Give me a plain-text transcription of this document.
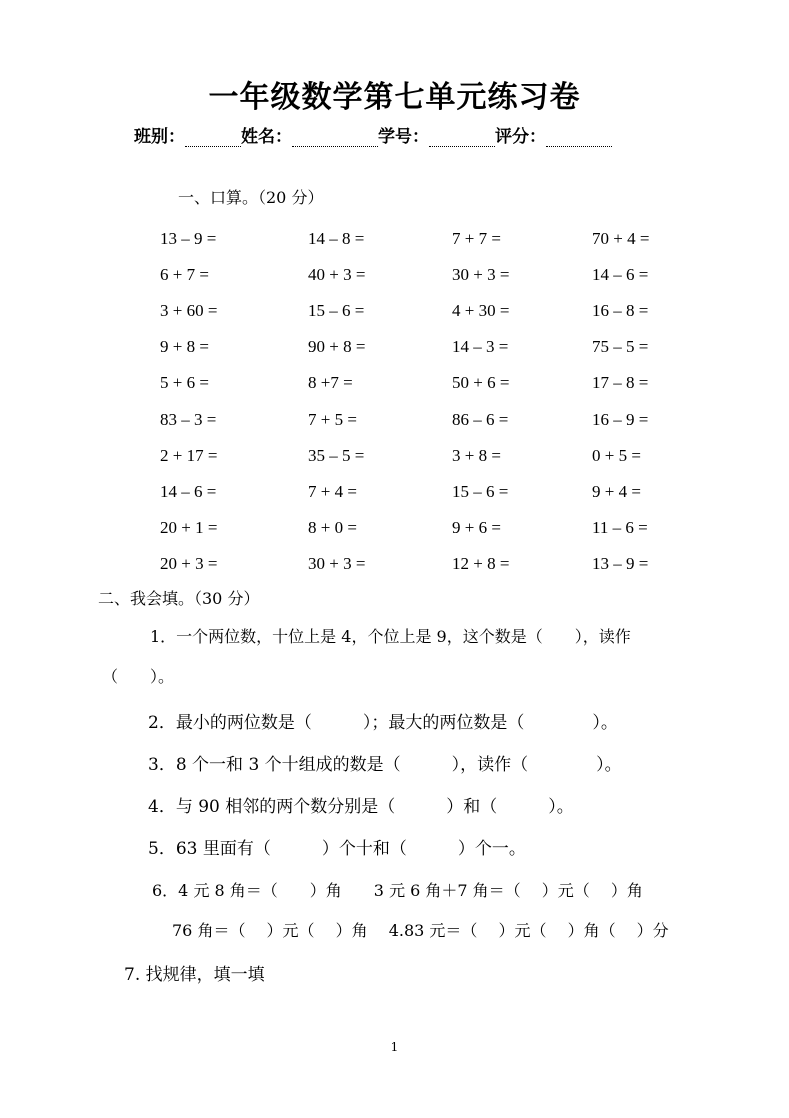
一年级数学第七单元练习卷
班别：	姓名：	学号：	评分：
一、口算。（20 分）
13 – 9 =	14 – 8 =	7 + 7 =	70 + 4 =
6 + 7 =	40 + 3 =	30 + 3 =	14 – 6 =
3 + 60 =	15 – 6 =	4 + 30 =	16 – 8 =
9 + 8 =	90 + 8 =	14 – 3 =	75 – 5 =
5 + 6 =	8 +7 =	50 + 6 =	17 – 8 =
83 – 3 =	7 + 5 =	86 – 6 =	16 – 9 =
2 + 17 =	35 – 5 =	3 + 8 =	0 + 5 =
14 – 6 =	7 + 4 =	15 – 6 =	9 + 4 =
20 + 1 =	8 + 0 =	9 + 6 =	11 – 6 =
20 + 3 =	30 + 3 =	12 + 8 =	13 – 9 =
二、我会填。（30 分）
1．一个两位数，十位上是 4，个位上是 9，这个数是（　　），读作
（　　）。
2．最小的两位数是（　　　）；最大的两位数是（　　　　）。
3．8 个一和 3 个十组成的数是（　　　），读作（　　　　）。
4．与 90 相邻的两个数分别是（　　　）和（　　　）。
5．63 里面有（　　　）个十和（　　　）个一。
6．4 元 8 角＝（　　）角　　3 元 6 角＋7 角＝（　 ）元（　 ）角
76 角＝（　 ）元（　 ）角　 4.83 元＝（　 ）元（　 ）角（　 ）分
7. 找规律，填一填
1
